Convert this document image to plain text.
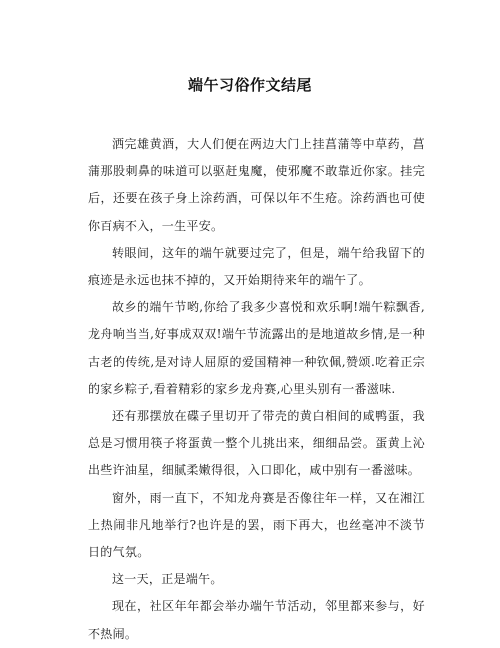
端午习俗作文结尾

洒完雄黄酒，大人们便在两边大门上挂菖蒲等中草药，菖蒲那股刺鼻的味道可以驱赶鬼魔，使邪魔不敢靠近你家。挂完后，还要在孩子身上涂药酒，可保以年不生疮。涂药酒也可使你百病不入，一生平安。

转眼间，这年的端午就要过完了，但是，端午给我留下的痕迹是永远也抹不掉的，又开始期待来年的端午了。

故乡的端午节哟,你给了我多少喜悦和欢乐啊!端午粽飘香,龙舟响当当,好事成双双!端午节流露出的是地道故乡情,是一种古老的传统,是对诗人屈原的爱国精神一种钦佩,赞颂.吃着正宗的家乡粽子,看着精彩的家乡龙舟赛,心里头别有一番滋味.

还有那摆放在碟子里切开了带壳的黄白相间的咸鸭蛋，我总是习惯用筷子将蛋黄一整个儿挑出来，细细品尝。蛋黄上沁出些许油星，细腻柔嫩得很，入口即化，咸中别有一番滋味。

窗外，雨一直下，不知龙舟赛是否像往年一样，又在湘江上热闹非凡地举行?也许是的罢，雨下再大，也丝毫冲不淡节日的气氛。

这一天，正是端午。

现在，社区年年都会举办端午节活动，邻里都来参与，好不热闹。
